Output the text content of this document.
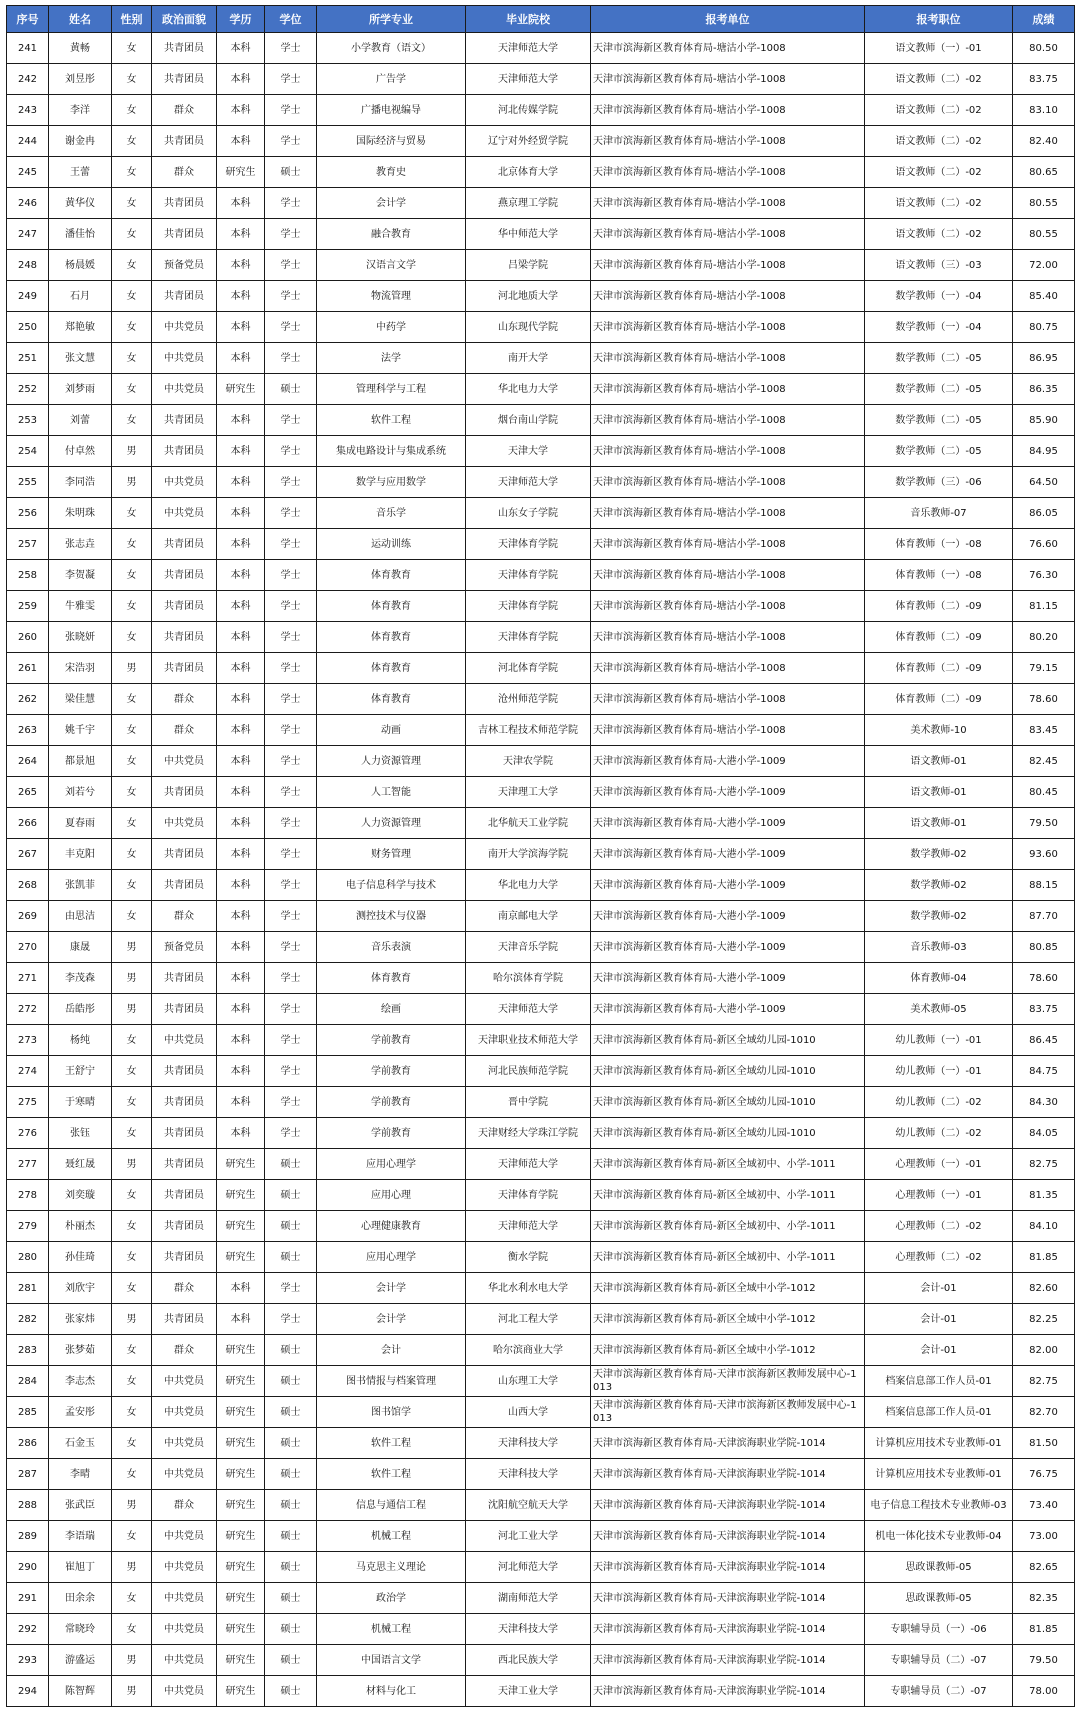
序号	姓名	性别	政治面貌	学历	学位	所学专业	毕业院校	报考单位	报考职位	成绩
241	黄畅	女	共青团员	本科	学士	小学教育（语文）	天津师范大学	天津市滨海新区教育体育局-塘沽小学-1008	语文教师（一）-01	80.50
242	刘昱彤	女	共青团员	本科	学士	广告学	天津师范大学	天津市滨海新区教育体育局-塘沽小学-1008	语文教师（二）-02	83.75
243	李洋	女	群众	本科	学士	广播电视编导	河北传媒学院	天津市滨海新区教育体育局-塘沽小学-1008	语文教师（二）-02	83.10
244	谢金冉	女	共青团员	本科	学士	国际经济与贸易	辽宁对外经贸学院	天津市滨海新区教育体育局-塘沽小学-1008	语文教师（二）-02	82.40
245	王蕾	女	群众	研究生	硕士	教育史	北京体育大学	天津市滨海新区教育体育局-塘沽小学-1008	语文教师（二）-02	80.65
246	黄华仪	女	共青团员	本科	学士	会计学	燕京理工学院	天津市滨海新区教育体育局-塘沽小学-1008	语文教师（二）-02	80.55
247	潘佳怡	女	共青团员	本科	学士	融合教育	华中师范大学	天津市滨海新区教育体育局-塘沽小学-1008	语文教师（二）-02	80.55
248	杨晨媛	女	预备党员	本科	学士	汉语言文学	吕梁学院	天津市滨海新区教育体育局-塘沽小学-1008	语文教师（三）-03	72.00
249	石月	女	共青团员	本科	学士	物流管理	河北地质大学	天津市滨海新区教育体育局-塘沽小学-1008	数学教师（一）-04	85.40
250	郑艳敏	女	中共党员	本科	学士	中药学	山东现代学院	天津市滨海新区教育体育局-塘沽小学-1008	数学教师（一）-04	80.75
251	张文慧	女	中共党员	本科	学士	法学	南开大学	天津市滨海新区教育体育局-塘沽小学-1008	数学教师（二）-05	86.95
252	刘梦雨	女	中共党员	研究生	硕士	管理科学与工程	华北电力大学	天津市滨海新区教育体育局-塘沽小学-1008	数学教师（二）-05	86.35
253	刘蕾	女	共青团员	本科	学士	软件工程	烟台南山学院	天津市滨海新区教育体育局-塘沽小学-1008	数学教师（二）-05	85.90
254	付卓然	男	共青团员	本科	学士	集成电路设计与集成系统	天津大学	天津市滨海新区教育体育局-塘沽小学-1008	数学教师（二）-05	84.95
255	李同浩	男	中共党员	本科	学士	数学与应用数学	天津师范大学	天津市滨海新区教育体育局-塘沽小学-1008	数学教师（三）-06	64.50
256	朱明珠	女	中共党员	本科	学士	音乐学	山东女子学院	天津市滨海新区教育体育局-塘沽小学-1008	音乐教师-07	86.05
257	张志垚	女	共青团员	本科	学士	运动训练	天津体育学院	天津市滨海新区教育体育局-塘沽小学-1008	体育教师（一）-08	76.60
258	李贺凝	女	共青团员	本科	学士	体育教育	天津体育学院	天津市滨海新区教育体育局-塘沽小学-1008	体育教师（一）-08	76.30
259	牛雅雯	女	共青团员	本科	学士	体育教育	天津体育学院	天津市滨海新区教育体育局-塘沽小学-1008	体育教师（二）-09	81.15
260	张晓妍	女	共青团员	本科	学士	体育教育	天津体育学院	天津市滨海新区教育体育局-塘沽小学-1008	体育教师（二）-09	80.20
261	宋浩羽	男	共青团员	本科	学士	体育教育	河北体育学院	天津市滨海新区教育体育局-塘沽小学-1008	体育教师（二）-09	79.15
262	梁佳慧	女	群众	本科	学士	体育教育	沧州师范学院	天津市滨海新区教育体育局-塘沽小学-1008	体育教师（二）-09	78.60
263	姚千宇	女	群众	本科	学士	动画	吉林工程技术师范学院	天津市滨海新区教育体育局-塘沽小学-1008	美术教师-10	83.45
264	都景旭	女	中共党员	本科	学士	人力资源管理	天津农学院	天津市滨海新区教育体育局-大港小学-1009	语文教师-01	82.45
265	刘若兮	女	共青团员	本科	学士	人工智能	天津理工大学	天津市滨海新区教育体育局-大港小学-1009	语文教师-01	80.45
266	夏春雨	女	中共党员	本科	学士	人力资源管理	北华航天工业学院	天津市滨海新区教育体育局-大港小学-1009	语文教师-01	79.50
267	丰克阳	女	共青团员	本科	学士	财务管理	南开大学滨海学院	天津市滨海新区教育体育局-大港小学-1009	数学教师-02	93.60
268	张凯菲	女	共青团员	本科	学士	电子信息科学与技术	华北电力大学	天津市滨海新区教育体育局-大港小学-1009	数学教师-02	88.15
269	由思洁	女	群众	本科	学士	测控技术与仪器	南京邮电大学	天津市滨海新区教育体育局-大港小学-1009	数学教师-02	87.70
270	康晟	男	预备党员	本科	学士	音乐表演	天津音乐学院	天津市滨海新区教育体育局-大港小学-1009	音乐教师-03	80.85
271	李茂森	男	共青团员	本科	学士	体育教育	哈尔滨体育学院	天津市滨海新区教育体育局-大港小学-1009	体育教师-04	78.60
272	岳皓彤	男	共青团员	本科	学士	绘画	天津师范大学	天津市滨海新区教育体育局-大港小学-1009	美术教师-05	83.75
273	杨纯	女	中共党员	本科	学士	学前教育	天津职业技术师范大学	天津市滨海新区教育体育局-新区全域幼儿园-1010	幼儿教师（一）-01	86.45
274	王舒宁	女	共青团员	本科	学士	学前教育	河北民族师范学院	天津市滨海新区教育体育局-新区全域幼儿园-1010	幼儿教师（一）-01	84.75
275	于寒晴	女	共青团员	本科	学士	学前教育	晋中学院	天津市滨海新区教育体育局-新区全域幼儿园-1010	幼儿教师（二）-02	84.30
276	张钰	女	共青团员	本科	学士	学前教育	天津财经大学珠江学院	天津市滨海新区教育体育局-新区全域幼儿园-1010	幼儿教师（二）-02	84.05
277	聂红晟	男	共青团员	研究生	硕士	应用心理学	天津师范大学	天津市滨海新区教育体育局-新区全域初中、小学-1011	心理教师（一）-01	82.75
278	刘奕璇	女	共青团员	研究生	硕士	应用心理	天津体育学院	天津市滨海新区教育体育局-新区全域初中、小学-1011	心理教师（一）-01	81.35
279	朴丽杰	女	共青团员	研究生	硕士	心理健康教育	天津师范大学	天津市滨海新区教育体育局-新区全域初中、小学-1011	心理教师（二）-02	84.10
280	孙佳琦	女	共青团员	研究生	硕士	应用心理学	衡水学院	天津市滨海新区教育体育局-新区全域初中、小学-1011	心理教师（二）-02	81.85
281	刘欣宇	女	群众	本科	学士	会计学	华北水利水电大学	天津市滨海新区教育体育局-新区全域中小学-1012	会计-01	82.60
282	张家炜	男	共青团员	本科	学士	会计学	河北工程大学	天津市滨海新区教育体育局-新区全域中小学-1012	会计-01	82.25
283	张梦茹	女	群众	研究生	硕士	会计	哈尔滨商业大学	天津市滨海新区教育体育局-新区全域中小学-1012	会计-01	82.00
284	李志杰	女	中共党员	研究生	硕士	图书情报与档案管理	山东理工大学	天津市滨海新区教育体育局-天津市滨海新区教师发展中心-1013	档案信息部工作人员-01	82.75
285	孟安彤	女	中共党员	研究生	硕士	图书馆学	山西大学	天津市滨海新区教育体育局-天津市滨海新区教师发展中心-1013	档案信息部工作人员-01	82.70
286	石金玉	女	中共党员	研究生	硕士	软件工程	天津科技大学	天津市滨海新区教育体育局-天津滨海职业学院-1014	计算机应用技术专业教师-01	81.50
287	李晴	女	中共党员	研究生	硕士	软件工程	天津科技大学	天津市滨海新区教育体育局-天津滨海职业学院-1014	计算机应用技术专业教师-01	76.75
288	张武臣	男	群众	研究生	硕士	信息与通信工程	沈阳航空航天大学	天津市滨海新区教育体育局-天津滨海职业学院-1014	电子信息工程技术专业教师-03	73.40
289	李语瑞	女	中共党员	研究生	硕士	机械工程	河北工业大学	天津市滨海新区教育体育局-天津滨海职业学院-1014	机电一体化技术专业教师-04	73.00
290	崔旭丁	男	中共党员	研究生	硕士	马克思主义理论	河北师范大学	天津市滨海新区教育体育局-天津滨海职业学院-1014	思政课教师-05	82.65
291	田余余	女	中共党员	研究生	硕士	政治学	湖南师范大学	天津市滨海新区教育体育局-天津滨海职业学院-1014	思政课教师-05	82.35
292	常晓玲	女	中共党员	研究生	硕士	机械工程	天津科技大学	天津市滨海新区教育体育局-天津滨海职业学院-1014	专职辅导员（一）-06	81.85
293	游盛运	男	中共党员	研究生	硕士	中国语言文学	西北民族大学	天津市滨海新区教育体育局-天津滨海职业学院-1014	专职辅导员（二）-07	79.50
294	陈智辉	男	中共党员	研究生	硕士	材料与化工	天津工业大学	天津市滨海新区教育体育局-天津滨海职业学院-1014	专职辅导员（二）-07	78.00
